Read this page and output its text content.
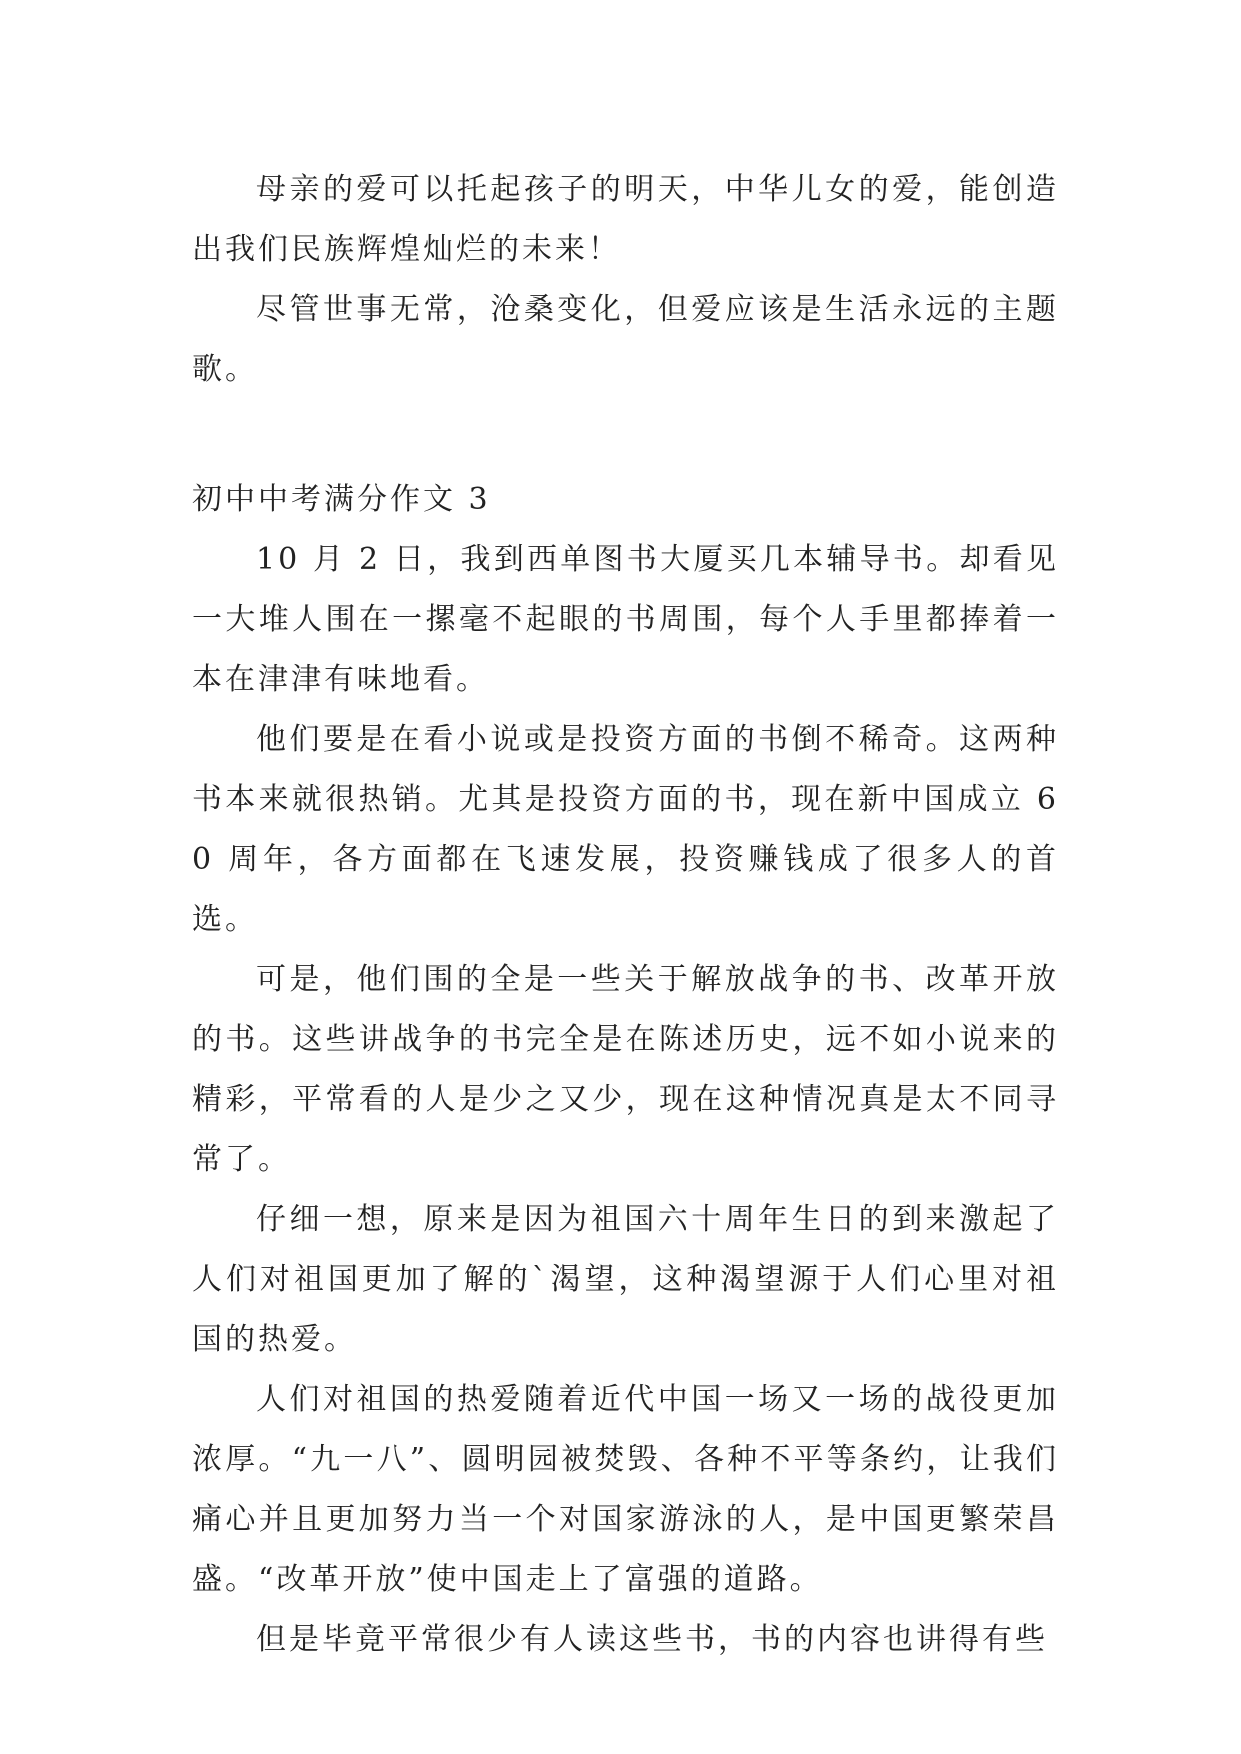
母亲的爱可以托起孩子的明天，中华儿女的爱，能创造出我们民族辉煌灿烂的未来！

尽管世事无常，沧桑变化，但爱应该是生活永远的主题歌。

初中中考满分作文 3

10 月 2 日，我到西单图书大厦买几本辅导书。却看见一大堆人围在一摞毫不起眼的书周围，每个人手里都捧着一本在津津有味地看。

他们要是在看小说或是投资方面的书倒不稀奇。这两种书本来就很热销。尤其是投资方面的书，现在新中国成立 60 周年，各方面都在飞速发展，投资赚钱成了很多人的首选。

可是，他们围的全是一些关于解放战争的书、改革开放的书。这些讲战争的书完全是在陈述历史，远不如小说来的精彩，平常看的人是少之又少，现在这种情况真是太不同寻常了。

仔细一想，原来是因为祖国六十周年生日的到来激起了人们对祖国更加了解的`渴望，这种渴望源于人们心里对祖国的热爱。

人们对祖国的热爱随着近代中国一场又一场的战役更加浓厚。“九一八”、圆明园被焚毁、各种不平等条约，让我们痛心并且更加努力当一个对国家游泳的人，是中国更繁荣昌盛。“改革开放”使中国走上了富强的道路。

但是毕竟平常很少有人读这些书，书的内容也讲得有些
